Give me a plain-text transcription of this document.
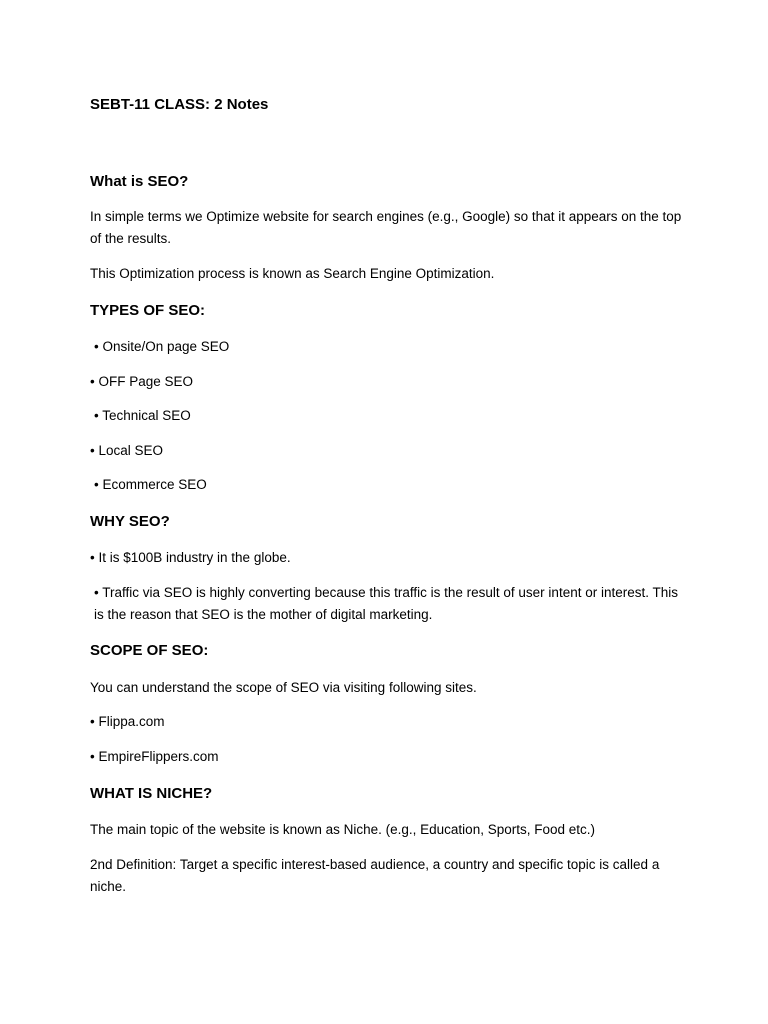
SEBT-11 CLASS: 2 Notes
What is SEO?

In simple terms we Optimize website for search engines (e.g., Google) so that it appears on the top of the results.

This Optimization process is known as Search Engine Optimization.

TYPES OF SEO:

• Onsite/On page SEO

• OFF Page SEO

• Technical SEO

• Local SEO

• Ecommerce SEO

WHY SEO?

• It is $100B industry in the globe.

• Traffic via SEO is highly converting because this traffic is the result of user intent or interest. This is the reason that SEO is the mother of digital marketing.

SCOPE OF SEO:

You can understand the scope of SEO via visiting following sites.

• Flippa.com

• EmpireFlippers.com

WHAT IS NICHE?

The main topic of the website is known as Niche. (e.g., Education, Sports, Food etc.)

2nd Definition: Target a specific interest-based audience, a country and specific topic is called a niche.
